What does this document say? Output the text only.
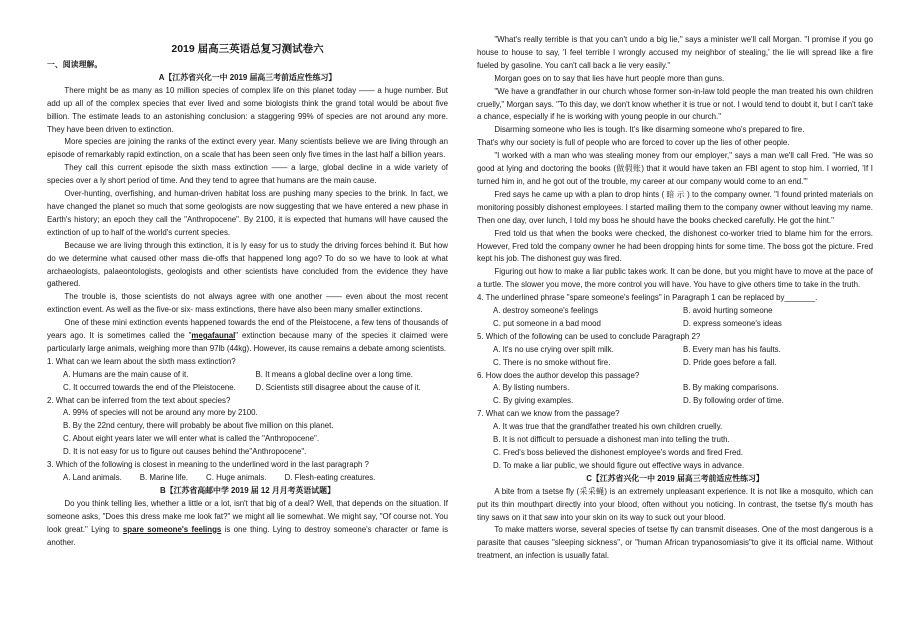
2019 届高三英语总复习测试卷六
一、阅读理解。
A【江苏省兴化一中 2019 届高三考前适应性练习】

There might be as many as 10 million species of complex life on this planet today —— a huge number. But add up all of the complex species that ever lived and some biologists think the grand total would be about five billion. The estimate leads to an astonishing conclusion: a staggering 99% of species are not around any more. They have been driven to extinction.

More species are joining the ranks of the extinct every year. Many scientists believe we are living through an episode of remarkably rapid extinction, on a scale that has been seen only five times in the last half a billion years.

They call this current episode the sixth mass extinction —— a large, global decline in a wide variety of species over a ly short period of time. And they tend to agree that humans are the main cause.

Over-hunting, overfishing, and human-driven habitat loss are pushing many species to the brink. In fact, we have changed the planet so much that some geologists are now suggesting that we have entered a new phase in Earth's history; an epoch they call the "Anthropocene". By 2100, it is expected that humans will have caused the extinction of up to half of the world's current species.

Because we are living through this extinction, it is ly easy for us to study the driving forces behind it. But how do we determine what caused other mass die-offs that happened long ago? To do so we have to look at what archaeologists, palaeontologists, geologists and other scientists have concluded from the evidence they have gathered.

The trouble is, those scientists do not always agree with one another —— even about the most recent extinction event. As well as the five-or six- mass extinctions, there have also been many smaller extinctions.

One of these mini extinction events happened towards the end of the Pleistocene, a few tens of thousands of years ago. It is sometimes called the "megafaunal" extinction because many of the species it claimed were particularly large animals, weighing more than 97lb (44kg). However, its cause remains a debate among scientists.

1. What can we learn about the sixth mass extinction?
A. Humans are the main cause of it.	B. It means a global decline over a long time.
C. It occurred towards the end of the Pleistocene.	D. Scientists still disagree about the cause of it.
2. What can be inferred from the text about species?
A. 99% of species will not be around any more by 2100.
B. By the 22nd century, there will probably be about five million on this planet.
C. About eight years later we will enter what is called the "Anthropocene".
D. It is not easy for us to figure out causes behind the"Anthropocene".
3. Which of the following is closest in meaning to the underlined word in the last paragraph ?
A. Land animals. B. Marine life. C. Huge animals. D. Flesh-eating creatures.
B【江苏省高邮中学 2019 届 12 月月考英语试题】

Do you think telling lies, whether a little or a lot, isn't that big of a deal? Well, that depends on the situation. If someone asks, "Does this dress make me look fat?" we might all lie somewhat. We might say, "Of course not. You look great." Lying to spare someone's feelings is one thing. Lying to destroy someone's character or fame is another.

"What's really terrible is that you can't undo a big lie," says a minister we'll call Morgan. "I promise if you go house to house to say, 'I feel terrible I wrongly accused my neighbor of stealing,' the lie will spread like a fire fueled by gasoline. You can't call back a lie very easily."

Morgan goes on to say that lies have hurt people more than guns.

"We have a grandfather in our church whose former son-in-law told people the man treated his own children cruelly," Morgan says. "To this day, we don't know whether it is true or not. I would tend to doubt it, but I can't take a chance, especially if he is working with young people in our church."

Disarming someone who lies is tough. It's like disarming someone who's prepared to fire.

That's why our society is full of people who are forced to cover up the lies of other people.

"I worked with a man who was stealing money from our employer," says a man we'll call Fred. "He was so good at lying and doctoring the books (做假账) that it would have taken an FBI agent to stop him. I worried, 'If I turned him in, and he got out of the trouble, my career at our company would come to an end.'"

Fred says he came up with a plan to drop hints ( 暗 示 ) to the company owner. "I found printed materials on monitoring possibly dishonest employees. I started mailing them to the company owner without leaving my name. Then one day, over lunch, I told my boss he should have the books checked carefully. He got the hint."

Fred told us that when the books were checked, the dishonest co-worker tried to blame him for the errors. However, Fred told the company owner he had been dropping hints for some time. The boss got the picture. Fred kept his job. The dishonest guy was fired.

Figuring out how to make a liar public takes work. It can be done, but you might have to move at the pace of a turtle. The slower you move, the more control you will have. You have to give others time to take in the truth.

4. The underlined phrase "spare someone's feelings" in Paragraph 1 can be replaced by_______.
A. destroy someone's feelings	B. avoid hurting someone
C. put someone in a bad mood	D. express someone's ideas
5. Which of the following can be used to conclude Paragraph 2?
A. It's no use crying over spilt milk.	B. Every man has his faults.
C. There is no smoke without fire.	D. Pride goes before a fall.
6. How does the author develop this passage?
A. By listing numbers.	B. By making comparisons.
C. By giving examples.	D. By following order of time.
7. What can we know from the passage?
A. It was true that the grandfather treated his own children cruelly.
B. It is not difficult to persuade a dishonest man into telling the truth.
C. Fred's boss believed the dishonest employee's words and fired Fred.
D. To make a liar public, we should figure out effective ways in advance.
C【江苏省兴化一中 2019 届高三考前适应性练习】

A bite from a tsetse fly (采采蝇) is an extremely unpleasant experience. It is not like a mosquito, which can put its thin mouthpart directly into your blood, often without you noticing. In contrast, the tsetse fly's mouth has tiny saws on it that saw into your skin on its way to suck out your blood.

To make matters worse, several species of tsetse fly can transmit diseases. One of the most dangerous is a parasite that causes "sleeping sickness", or "human African trypanosomiasis"to give it its official name. Without treatment, an infection is usually fatal.
